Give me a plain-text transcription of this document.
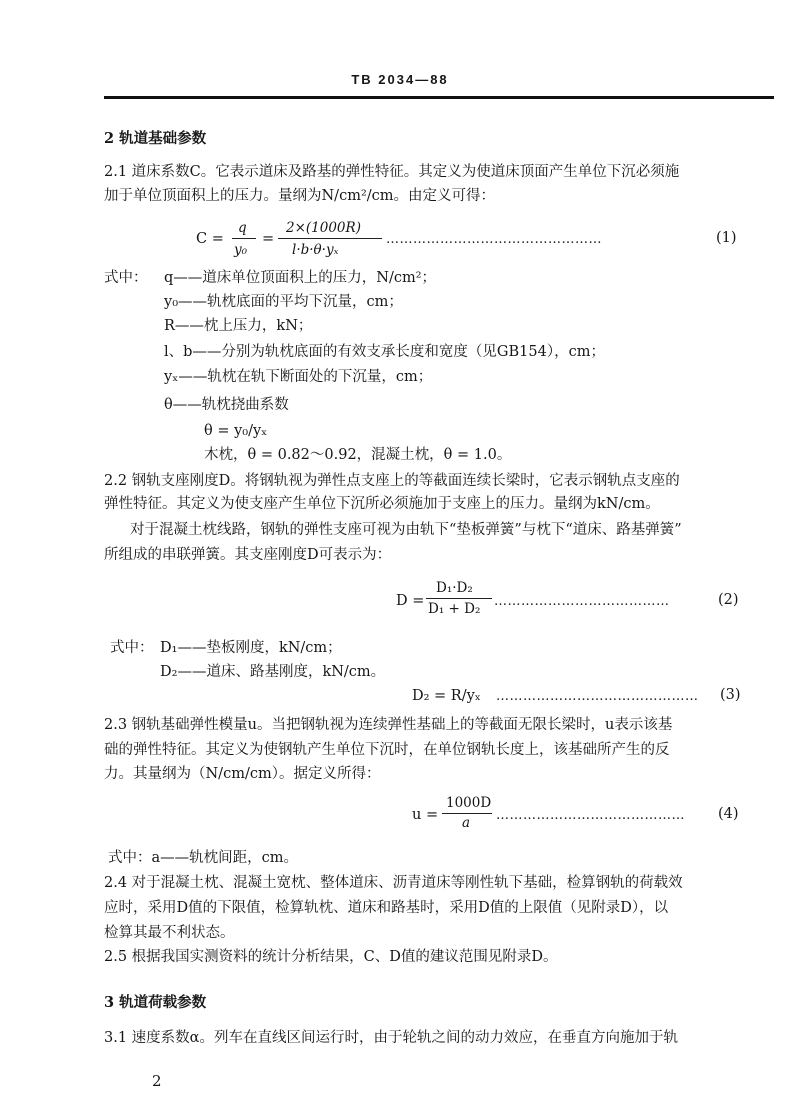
TB 2034—88
2 轨道基础参数
2.1 道床系数C。它表示道床及路基的弹性特征。其定义为使道床顶面产生单位下沉必须施
加于单位顶面积上的压力。量纲为N/cm²/cm。由定义可得：
C =
q
y₀
=
2×(1000R)
l·b·θ·yₓ
…………………………………………	(1)
式中： q——道床单位顶面积上的压力，N/cm²；
y₀——轨枕底面的平均下沉量，cm；
R——枕上压力，kN；
l、b——分别为轨枕底面的有效支承长度和宽度（见GB154），cm；
yₓ——轨枕在轨下断面处的下沉量，cm；
θ——轨枕挠曲系数
θ = y₀/yₓ
木枕，θ = 0.82～0.92，混凝土枕，θ = 1.0。
2.2 钢轨支座刚度D。将钢轨视为弹性点支座上的等截面连续长梁时，它表示钢轨点支座的
弹性特征。其定义为使支座产生单位下沉所必须施加于支座上的压力。量纲为kN/cm。
对于混凝土枕线路，钢轨的弹性支座可视为由轨下“垫板弹簧”与枕下“道床、路基弹簧”
所组成的串联弹簧。其支座刚度D可表示为：
D =
D₁·D₂
D₁ + D₂ …………………………………	(2)
式中： D₁——垫板刚度，kN/cm；
D₂——道床、路基刚度，kN/cm。
D₂ = R/yₓ ……………………………………… (3)
2.3 钢轨基础弹性模量u。当把钢轨视为连续弹性基础上的等截面无限长梁时，u表示该基
础的弹性特征。其定义为使钢轨产生单位下沉时，在单位钢轨长度上，该基础所产生的反
力。其量纲为（N/cm/cm）。据定义所得：
u =
1000D
a …………………………………… (4)
式中：a——轨枕间距，cm。
2.4 对于混凝土枕、混凝土宽枕、整体道床、沥青道床等刚性轨下基础，检算钢轨的荷载效
应时，采用D值的下限值，检算轨枕、道床和路基时，采用D值的上限值（见附录D），以
检算其最不利状态。
2.5 根据我国实测资料的统计分析结果，C、D值的建议范围见附录D。
3 轨道荷载参数
3.1 速度系数α。列车在直线区间运行时，由于轮轨之间的动力效应，在垂直方向施加于轨
2
